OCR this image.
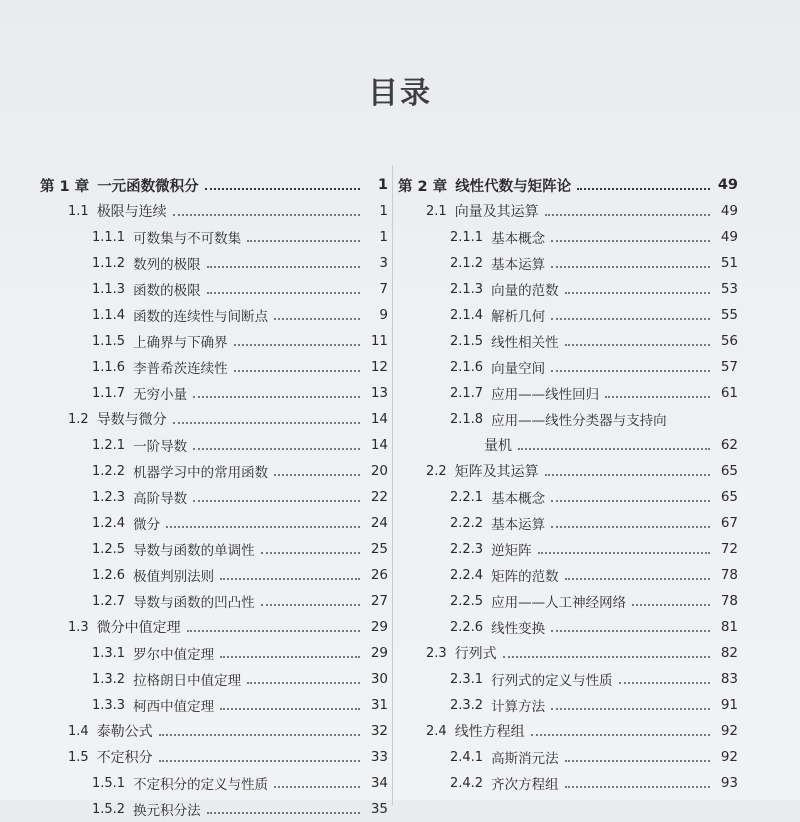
目录
第 1 章 一元函数微积分	1
1.1 极限与连续	1
1.1.1 可数集与不可数集	1
1.1.2 数列的极限	3
1.1.3 函数的极限	7
1.1.4 函数的连续性与间断点	9
1.1.5 上确界与下确界	11
1.1.6 李普希茨连续性	12
1.1.7 无穷小量	13
1.2 导数与微分	14
1.2.1 一阶导数	14
1.2.2 机器学习中的常用函数	20
1.2.3 高阶导数	22
1.2.4 微分	24
1.2.5 导数与函数的单调性	25
1.2.6 极值判别法则	26
1.2.7 导数与函数的凹凸性	27
1.3 微分中值定理	29
1.3.1 罗尔中值定理	29
1.3.2 拉格朗日中值定理	30
1.3.3 柯西中值定理	31
1.4 泰勒公式	32
1.5 不定积分	33
1.5.1 不定积分的定义与性质	34
1.5.2 换元积分法	35
第 2 章 线性代数与矩阵论	49
2.1 向量及其运算	49
2.1.1 基本概念	49
2.1.2 基本运算	51
2.1.3 向量的范数	53
2.1.4 解析几何	55
2.1.5 线性相关性	56
2.1.6 向量空间	57
2.1.7 应用——线性回归	61
2.1.8 应用——线性分类器与支持向
量机	62
2.2 矩阵及其运算	65
2.2.1 基本概念	65
2.2.2 基本运算	67
2.2.3 逆矩阵	72
2.2.4 矩阵的范数	78
2.2.5 应用——人工神经网络	78
2.2.6 线性变换	81
2.3 行列式	82
2.3.1 行列式的定义与性质	83
2.3.2 计算方法	91
2.4 线性方程组	92
2.4.1 高斯消元法	92
2.4.2 齐次方程组	93
